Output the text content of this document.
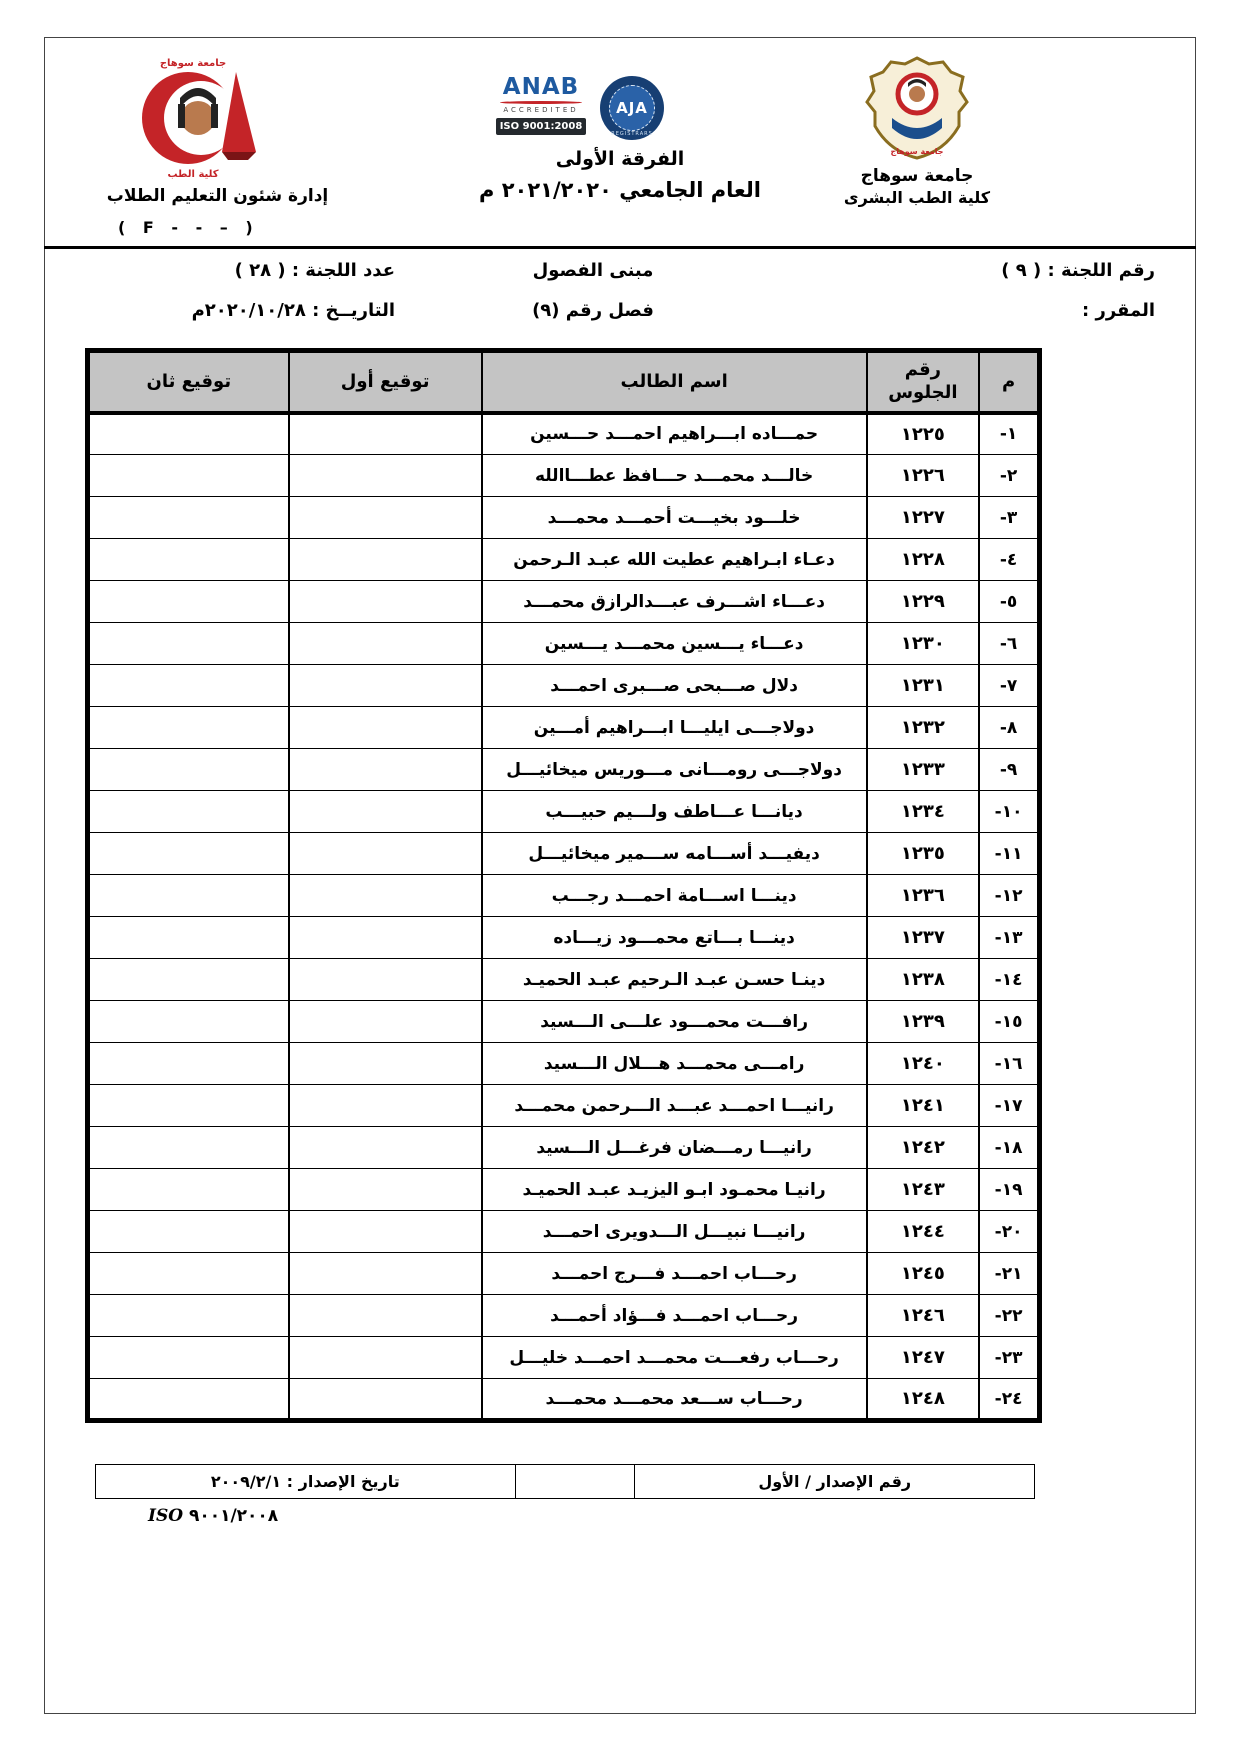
جامعة سوهاج
كلية الطب
إدارة شئون التعليم الطلاب
( F - - – )
ANAB
ACCREDITED
ISO 9001:2008
AJA
REGISTRARS
الفرقة الأولى
العام الجامعي ٢٠٢١/٢٠٢٠ م
جامعة سوهاج
جامعة سوهاج
كلية الطب البشرى
رقم اللجنة : ( ٩ )
المقرر :
مبنى الفصول
فصل رقم (٩)
عدد اللجنة : ( ٢٨ )
التاريــخ : ٢٠٢٠/١٠/٢٨م
م	رقم الجلوس	اسم الطالب	توقيع أول	توقيع ثان
١-	١٢٢٥	حمـــاده ابـــراهيم احمـــد حـــسين		
٢-	١٢٢٦	خالـــد محمـــد حـــافظ عطـــاالله		
٣-	١٢٢٧	خلـــود بخيـــت أحمـــد محمـــد		
٤-	١٢٢٨	دعـاء ابـراهيم عطيت الله عبـد الـرحمن		
٥-	١٢٢٩	دعـــاء اشـــرف عبـــدالرازق محمـــد		
٦-	١٢٣٠	دعـــاء يـــسين محمـــد يـــسين		
٧-	١٢٣١	دلال صـــبحى صـــبرى احمـــد		
٨-	١٢٣٢	دولاجـــى ايليـــا ابـــراهيم أمـــين		
٩-	١٢٣٣	دولاجـــى رومـــانى مـــوريس ميخائيـــل		
١٠-	١٢٣٤	ديانـــا عـــاطف ولـــيم حبيـــب		
١١-	١٢٣٥	ديفيـــد أســـامه ســـمير ميخائيـــل		
١٢-	١٢٣٦	دينـــا اســـامة احمـــد رجـــب		
١٣-	١٢٣٧	دينـــا بـــاتع محمـــود زيـــاده		
١٤-	١٢٣٨	دينـا حسـن عبـد الـرحيم عبـد الحميـد		
١٥-	١٢٣٩	رافـــت محمـــود علـــى الـــسيد		
١٦-	١٢٤٠	رامـــى محمـــد هـــلال الـــسيد		
١٧-	١٢٤١	رانيـــا احمـــد عبـــد الـــرحمن محمـــد		
١٨-	١٢٤٢	رانيـــا رمـــضان فرغـــل الـــسيد		
١٩-	١٢٤٣	رانيـا محمـود ابـو اليزيـد عبـد الحميـد		
٢٠-	١٢٤٤	رانيـــا نبيـــل الـــدويرى احمـــد		
٢١-	١٢٤٥	رحـــاب احمـــد فـــرج احمـــد		
٢٢-	١٢٤٦	رحـــاب احمـــد فـــؤاد أحمـــد		
٢٣-	١٢٤٧	رحـــاب رفعـــت محمـــد احمـــد خليـــل		
٢٤-	١٢٤٨	رحـــاب ســـعد محمـــد محمـــد		
رقم الإصدار / الأول		تاريخ الإصدار : ٢٠٠٩/٢/١
ISO ٩٠٠١/٢٠٠٨
